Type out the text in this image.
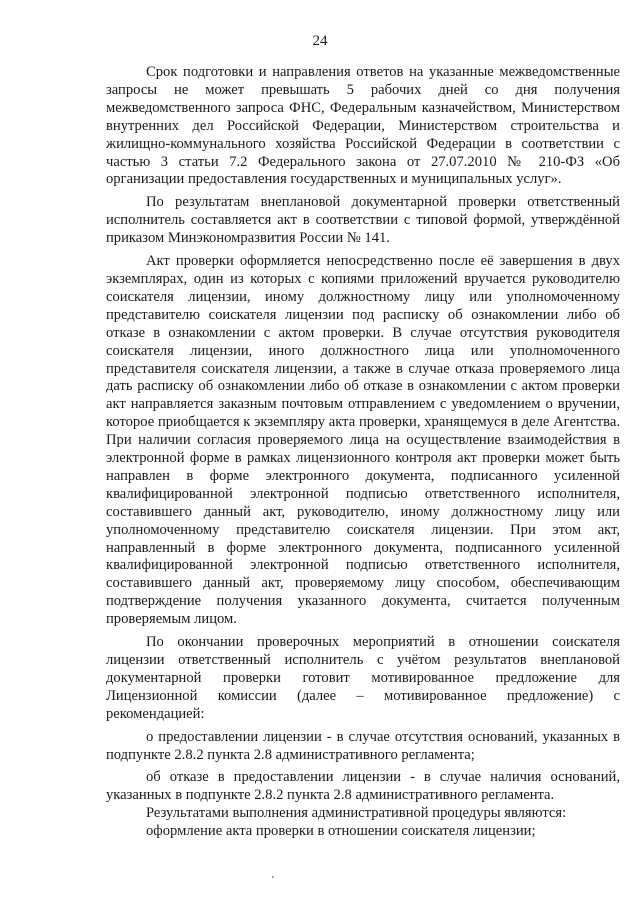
24

Срок подготовки и направления ответов на указанные межведомственные запросы не может превышать 5 рабочих дней со дня получения межведомственного запроса ФНС, Федеральным казначейством, Министерством внутренних дел Российской Федерации, Министерством строительства и жилищно-коммунального хозяйства Российской Федерации в соответствии с частью 3 статьи 7.2 Федерального закона от 27.07.2010 № 210-ФЗ «Об организации предоставления государственных и муниципальных услуг».

По результатам внеплановой документарной проверки ответственный исполнитель составляется акт в соответствии с типовой формой, утверждённой приказом Минэкономразвития России № 141.

Акт проверки оформляется непосредственно после её завершения в двух экземплярах, один из которых с копиями приложений вручается руководителю соискателя лицензии, иному должностному лицу или уполномоченному представителю соискателя лицензии под расписку об ознакомлении либо об отказе в ознакомлении с актом проверки. В случае отсутствия руководителя соискателя лицензии, иного должностного лица или уполномоченного представителя соискателя лицензии, а также в случае отказа проверяемого лица дать расписку об ознакомлении либо об отказе в ознакомлении с актом проверки акт направляется заказным почтовым отправлением с уведомлением о вручении, которое приобщается к экземпляру акта проверки, хранящемуся в деле Агентства. При наличии согласия проверяемого лица на осуществление взаимодействия в электронной форме в рамках лицензионного контроля акт проверки может быть направлен в форме электронного документа, подписанного усиленной квалифицированной электронной подписью ответственного исполнителя, составившего данный акт, руководителю, иному должностному лицу или уполномоченному представителю соискателя лицензии. При этом акт, направленный в форме электронного документа, подписанного усиленной квалифицированной электронной подписью ответственного исполнителя, составившего данный акт, проверяемому лицу способом, обеспечивающим подтверждение получения указанного документа, считается полученным проверяемым лицом.

По окончании проверочных мероприятий в отношении соискателя лицензии ответственный исполнитель с учётом результатов внеплановой документарной проверки готовит мотивированное предложение для Лицензионной комиссии (далее – мотивированное предложение) с рекомендацией:

о предоставлении лицензии - в случае отсутствия оснований, указанных в подпункте 2.8.2 пункта 2.8 административного регламента;

об отказе в предоставлении лицензии - в случае наличия оснований, указанных в подпункте 2.8.2 пункта 2.8 административного регламента.

Результатами выполнения административной процедуры являются:

оформление акта проверки в отношении соискателя лицензии;
